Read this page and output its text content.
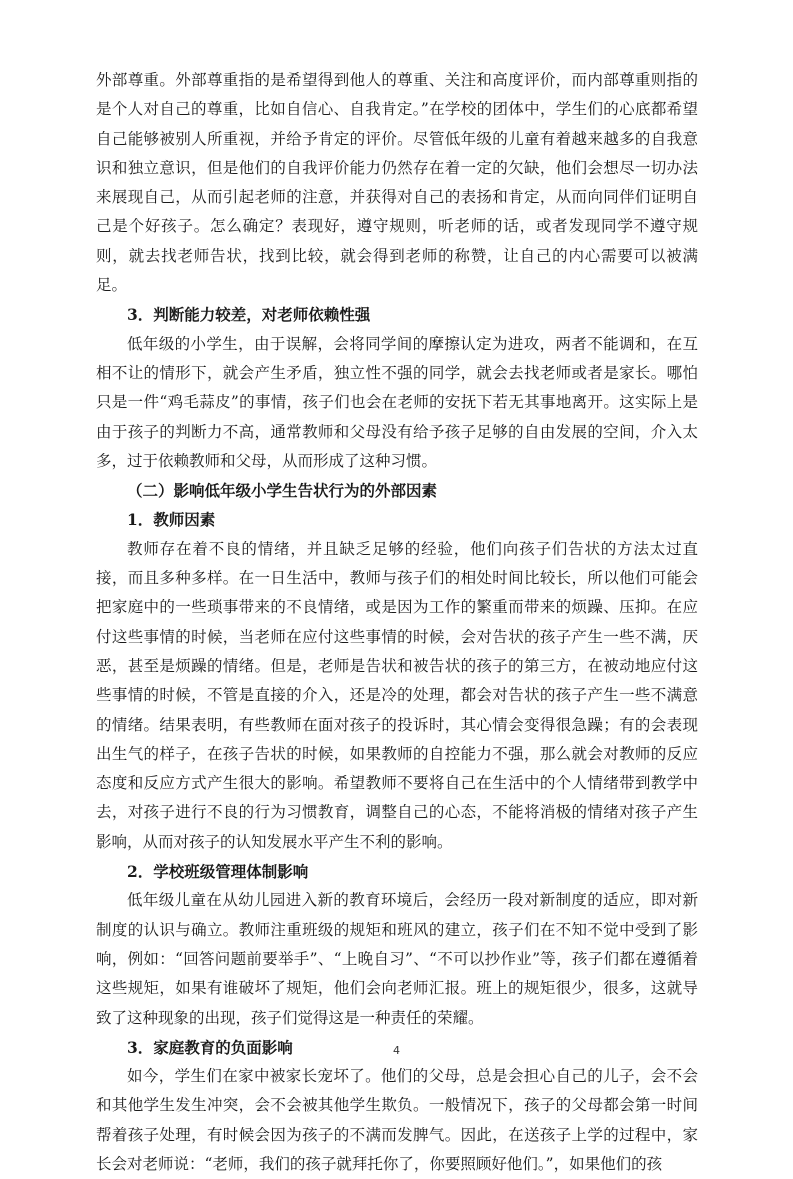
外部尊重。外部尊重指的是希望得到他人的尊重、关注和高度评价，而内部尊重则指的是个人对自己的尊重，比如自信心、自我肯定。”在学校的团体中，学生们的心底都希望自己能够被别人所重视，并给予肯定的评价。尽管低年级的儿童有着越来越多的自我意识和独立意识，但是他们的自我评价能力仍然存在着一定的欠缺，他们会想尽一切办法来展现自己，从而引起老师的注意，并获得对自己的表扬和肯定，从而向同伴们证明自己是个好孩子。怎么确定？表现好，遵守规则，听老师的话，或者发现同学不遵守规则，就去找老师告状，找到比较，就会得到老师的称赞，让自己的内心需要可以被满足。

3．判断能力较差，对老师依赖性强

低年级的小学生，由于误解，会将同学间的摩擦认定为进攻，两者不能调和，在互相不让的情形下，就会产生矛盾，独立性不强的同学，就会去找老师或者是家长。哪怕只是一件“鸡毛蒜皮”的事情，孩子们也会在老师的安抚下若无其事地离开。这实际上是由于孩子的判断力不高，通常教师和父母没有给予孩子足够的自由发展的空间，介入太多，过于依赖教师和父母，从而形成了这种习惯。

（二）影响低年级小学生告状行为的外部因素

1．教师因素

教师存在着不良的情绪，并且缺乏足够的经验，他们向孩子们告状的方法太过直接，而且多种多样。在一日生活中，教师与孩子们的相处时间比较长，所以他们可能会把家庭中的一些琐事带来的不良情绪，或是因为工作的繁重而带来的烦躁、压抑。在应付这些事情的时候，当老师在应付这些事情的时候，会对告状的孩子产生一些不满，厌恶，甚至是烦躁的情绪。但是，老师是告状和被告状的孩子的第三方，在被动地应付这些事情的时候，不管是直接的介入，还是冷的处理，都会对告状的孩子产生一些不满意的情绪。结果表明，有些教师在面对孩子的投诉时，其心情会变得很急躁；有的会表现出生气的样子，在孩子告状的时候，如果教师的自控能力不强，那么就会对教师的反应态度和反应方式产生很大的影响。希望教师不要将自己在生活中的个人情绪带到教学中去，对孩子进行不良的行为习惯教育，调整自己的心态，不能将消极的情绪对孩子产生影响，从而对孩子的认知发展水平产生不利的影响。

2．学校班级管理体制影响

低年级儿童在从幼儿园进入新的教育环境后，会经历一段对新制度的适应，即对新制度的认识与确立。教师注重班级的规矩和班风的建立，孩子们在不知不觉中受到了影响，例如：“回答问题前要举手”、“上晚自习”、“不可以抄作业”等，孩子们都在遵循着这些规矩，如果有谁破坏了规矩，他们会向老师汇报。班上的规矩很少，很多，这就导致了这种现象的出现，孩子们觉得这是一种责任的荣耀。

3．家庭教育的负面影响

如今，学生们在家中被家长宠坏了。他们的父母，总是会担心自己的儿子，会不会和其他学生发生冲突，会不会被其他学生欺负。一般情况下，孩子的父母都会第一时间帮着孩子处理，有时候会因为孩子的不满而发脾气。因此，在送孩子上学的过程中，家长会对老师说：“老师，我们的孩子就拜托你了，你要照顾好他们。”，如果他们的孩

4
